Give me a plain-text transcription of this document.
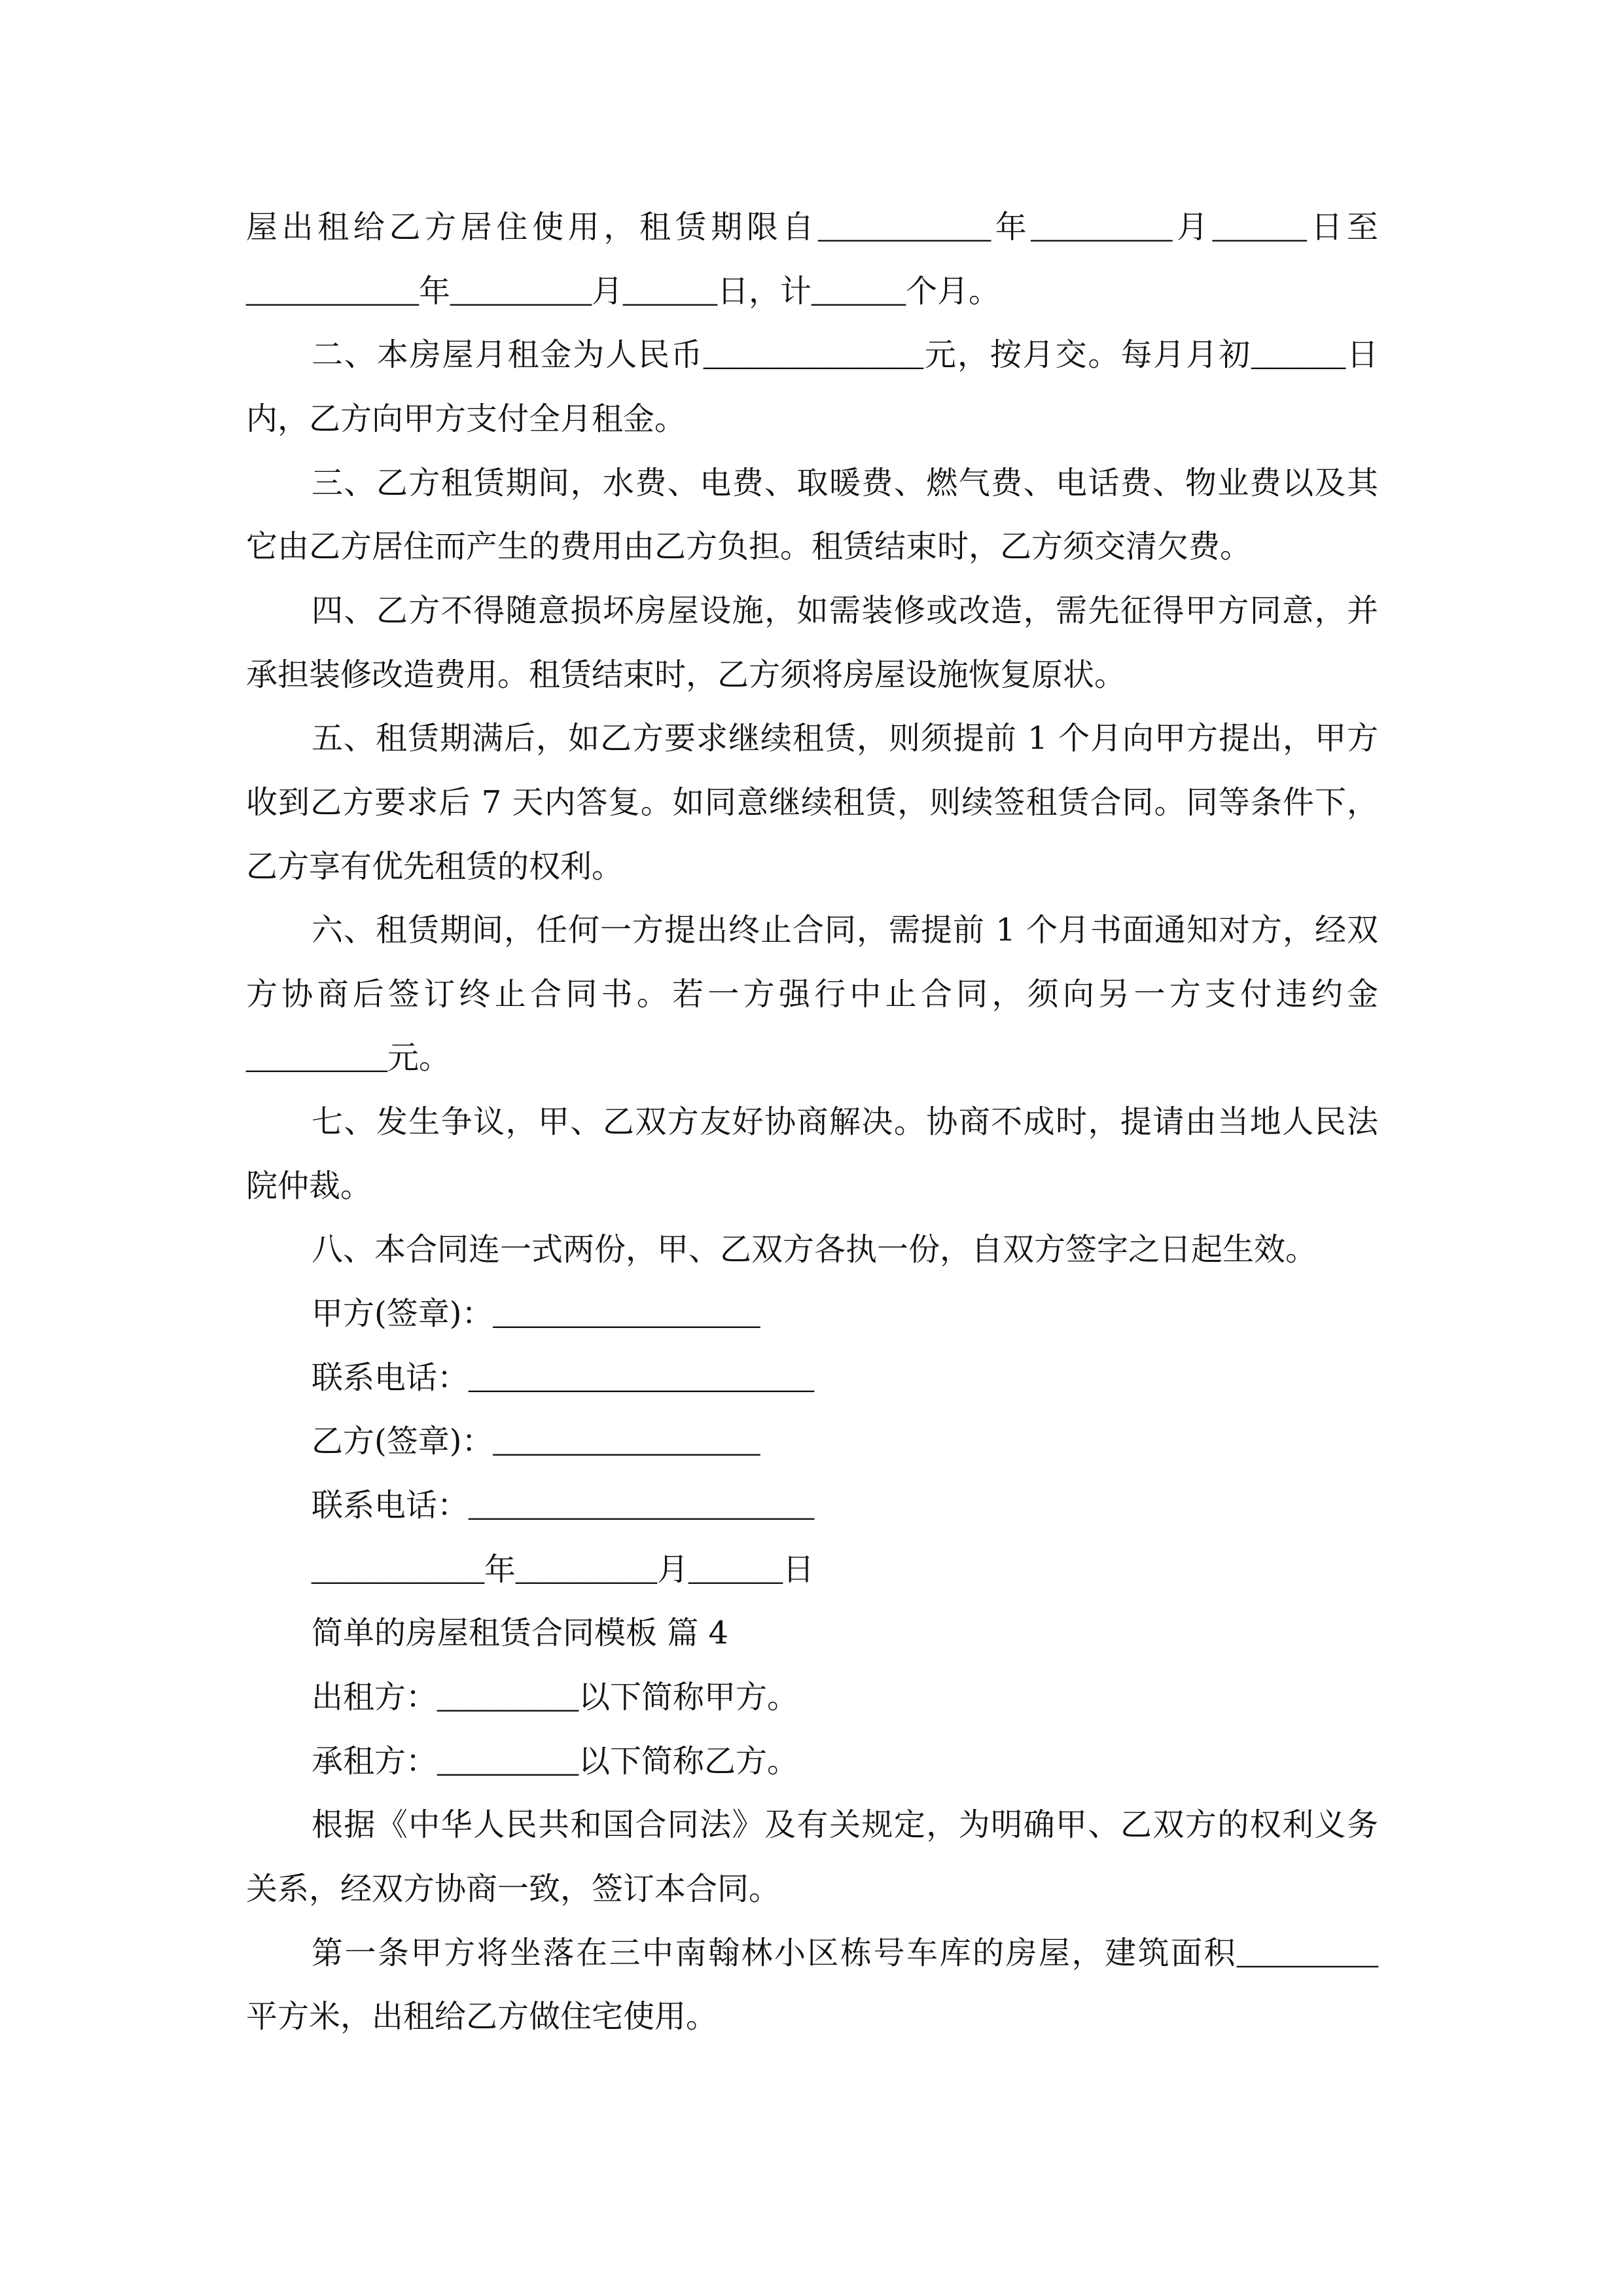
屋出租给乙方居住使用，租赁期限自___________年_________月______日至
___________年_________月______日，计______个月。
二、本房屋月租金为人民币______________元，按月交。每月月初______日
内，乙方向甲方支付全月租金。
三、乙方租赁期间，水费、电费、取暖费、燃气费、电话费、物业费以及其
它由乙方居住而产生的费用由乙方负担。租赁结束时，乙方须交清欠费。
四、乙方不得随意损坏房屋设施，如需装修或改造，需先征得甲方同意，并
承担装修改造费用。租赁结束时，乙方须将房屋设施恢复原状。
五、租赁期满后，如乙方要求继续租赁，则须提前 1 个月向甲方提出，甲方
收到乙方要求后 7 天内答复。如同意继续租赁，则续签租赁合同。同等条件下，
乙方享有优先租赁的权利。
六、租赁期间，任何一方提出终止合同，需提前 1 个月书面通知对方，经双
方协商后签订终止合同书。若一方强行中止合同，须向另一方支付违约金
_________元。
七、发生争议，甲、乙双方友好协商解决。协商不成时，提请由当地人民法
院仲裁。
八、本合同连一式两份，甲、乙双方各执一份，自双方签字之日起生效。
甲方(签章)：_________________
联系电话：______________________
乙方(签章)：_________________
联系电话：______________________
___________年_________月______日
简单的房屋租赁合同模板 篇 4
出租方：_________以下简称甲方。
承租方：_________以下简称乙方。
根据《中华人民共和国合同法》及有关规定，为明确甲、乙双方的权利义务
关系，经双方协商一致，签订本合同。
第一条甲方将坐落在三中南翰林小区栋号车库的房屋，建筑面积_________
平方米，出租给乙方做住宅使用。
